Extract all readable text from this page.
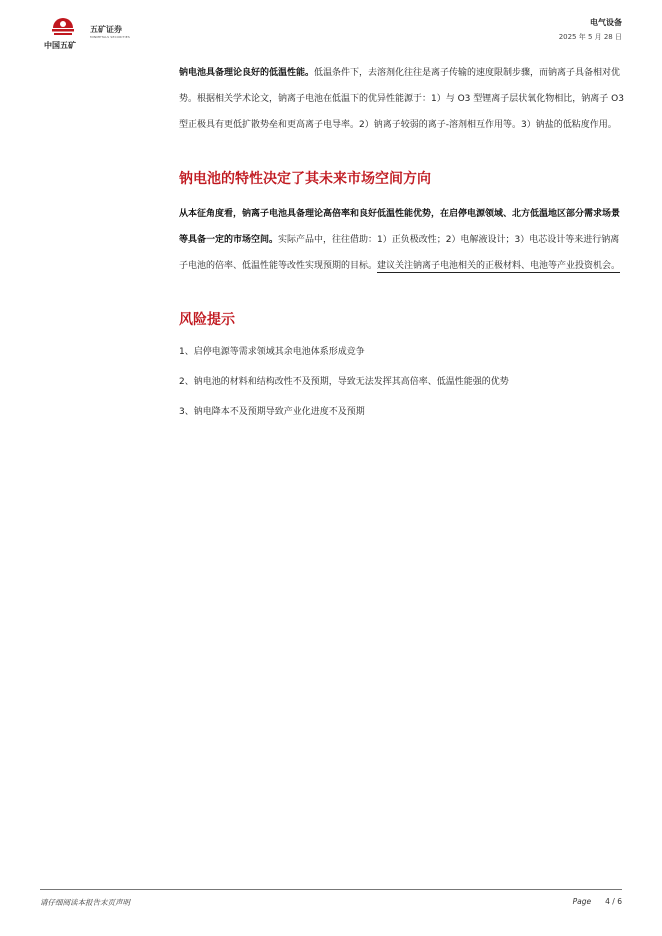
中国五矿
五矿证券
MINMETALS SECURITIES
电气设备
2025 年 5 月 28 日

钠电池具备理论良好的低温性能。低温条件下，去溶剂化往往是离子传输的速度限制步骤，而钠离子具备相对优势。根据相关学术论文，钠离子电池在低温下的优异性能源于：1）与 O3 型锂离子层状氧化物相比，钠离子 O3 型正极具有更低扩散势垒和更高离子电导率。2）钠离子较弱的离子-溶剂相互作用等。3）钠盐的低粘度作用。

钠电池的特性决定了其未来市场空间方向

从本征角度看，钠离子电池具备理论高倍率和良好低温性能优势，在启停电源领域、北方低温地区部分需求场景等具备一定的市场空间。实际产品中，往往借助：1）正负极改性；2）电解液设计；3）电芯设计等来进行钠离子电池的倍率、低温性能等改性实现预期的目标。建议关注钠离子电池相关的正极材料、电池等产业投资机会。

风险提示

1、启停电源等需求领域其余电池体系形成竞争

2、钠电池的材料和结构改性不及预期，导致无法发挥其高倍率、低温性能强的优势

3、钠电降本不及预期导致产业化进度不及预期

请仔细阅读本报告末页声明	Page 4 / 6
